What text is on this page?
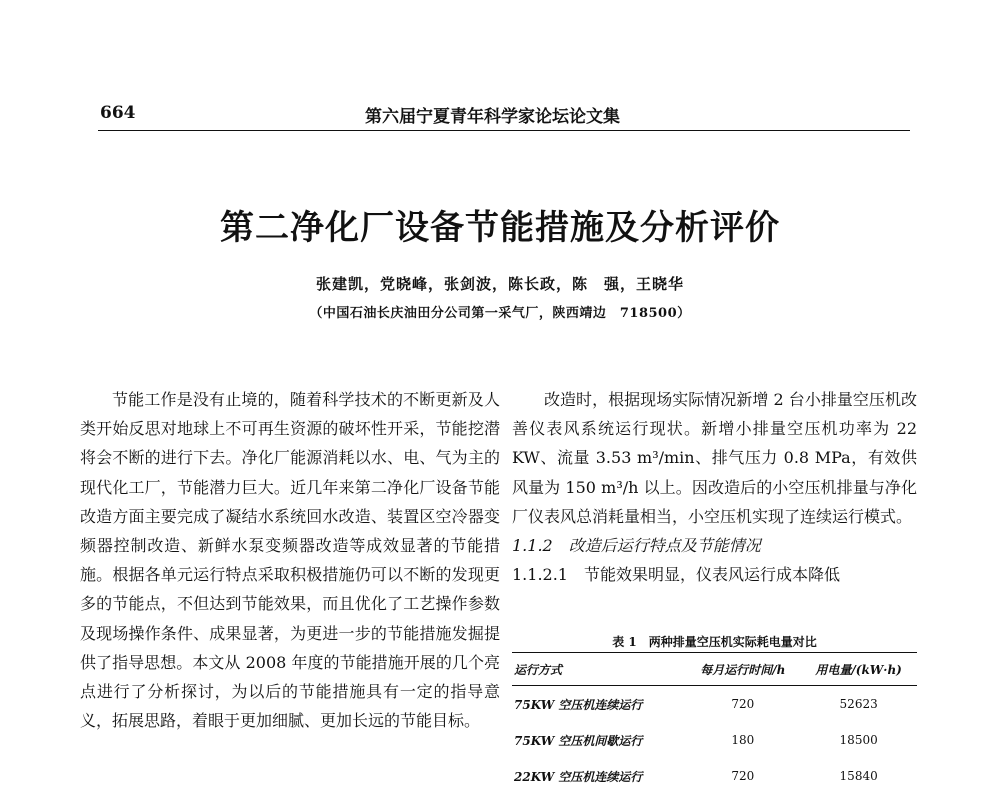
664	第六届宁夏青年科学家论坛论文集
第二净化厂设备节能措施及分析评价
张建凯，党晓峰，张剑波，陈长政，陈　强，王晓华
（中国石油长庆油田分公司第一采气厂，陕西靖边　718500）
节能工作是没有止境的，随着科学技术的不断更新及人类开始反思对地球上不可再生资源的破坏性开采，节能挖潜将会不断的进行下去。净化厂能源消耗以水、电、气为主的现代化工厂，节能潜力巨大。近几年来第二净化厂设备节能改造方面主要完成了凝结水系统回水改造、装置区空冷器变频器控制改造、新鲜水泵变频器改造等成效显著的节能措施。根据各单元运行特点采取积极措施仍可以不断的发现更多的节能点，不但达到节能效果，而且优化了工艺操作参数及现场操作条件、成果显著，为更进一步的节能措施发掘提供了指导思想。本文从 2008 年度的节能措施开展的几个亮点进行了分析探讨，为以后的节能措施具有一定的指导意义，拓展思路，着眼于更加细腻、更加长远的节能目标。

改造时，根据现场实际情况新增 2 台小排量空压机改善仪表风系统运行现状。新增小排量空压机功率为 22 KW、流量 3.53 m³/min、排气压力 0.8 MPa，有效供风量为 150 m³/h 以上。因改造后的小空压机排量与净化厂仪表风总消耗量相当，小空压机实现了连续运行模式。

1.1.2　改造后运行特点及节能情况

1.1.2.1　节能效果明显，仪表风运行成本降低

表 1　两种排量空压机实际耗电量对比
运行方式	每月运行时间/h	用电量/(kW·h)
75KW 空压机连续运行	720	52623
75KW 空压机间歇运行	180	18500
22KW 空压机连续运行	720	15840
